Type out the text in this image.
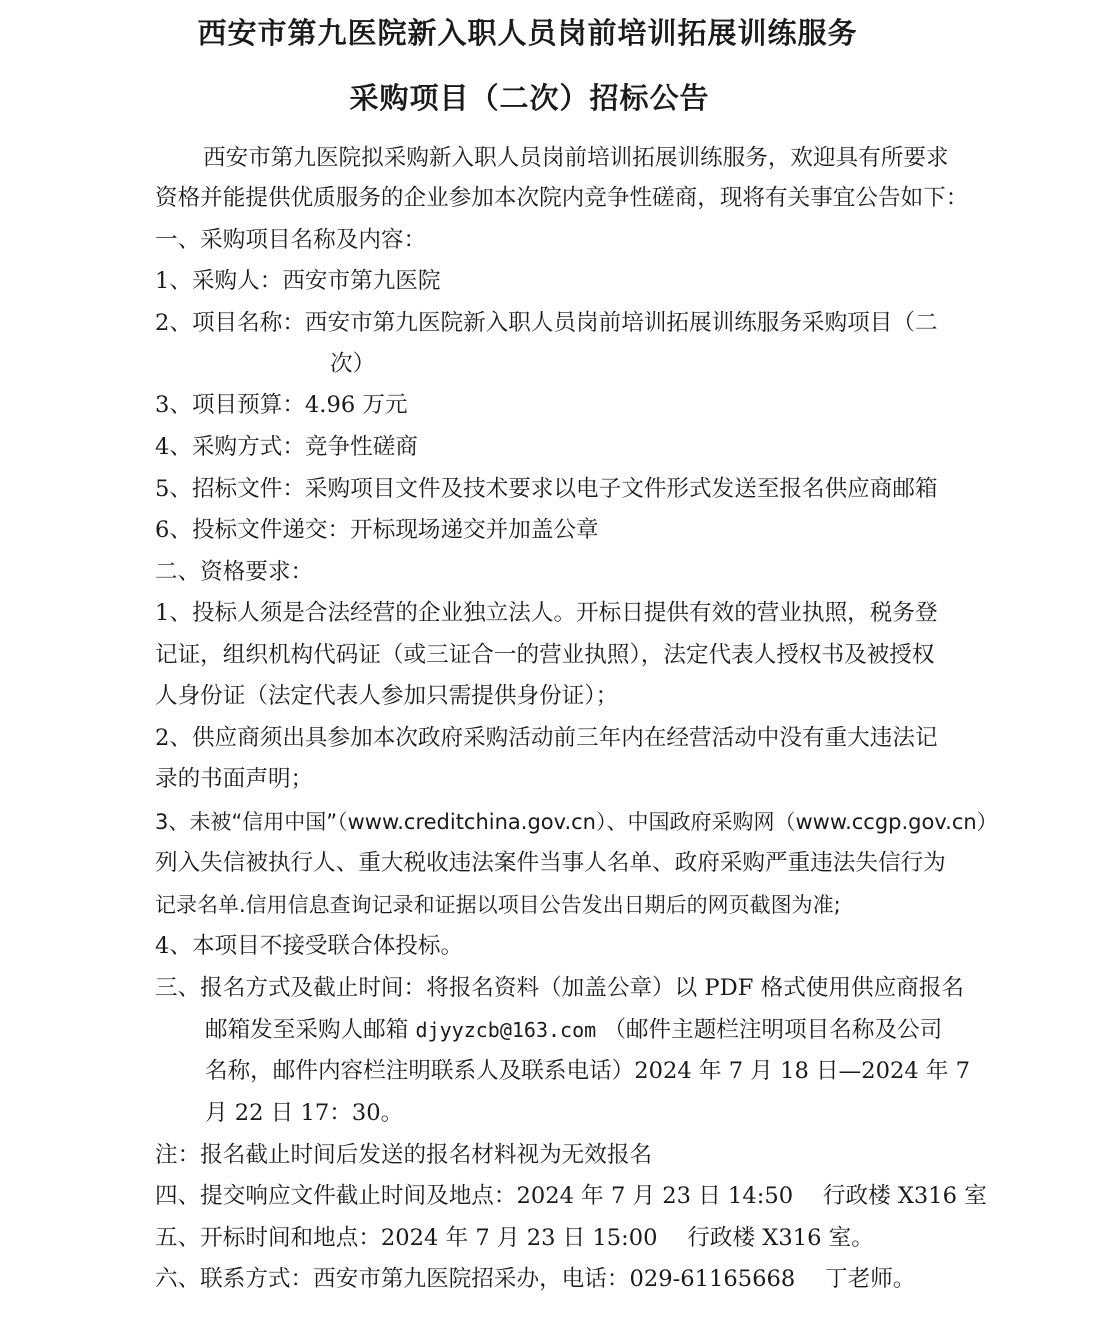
西安市第九医院新入职人员岗前培训拓展训练服务
采购项目（二次）招标公告
西安市第九医院拟采购新入职人员岗前培训拓展训练服务，欢迎具有所要求
资格并能提供优质服务的企业参加本次院内竞争性磋商，现将有关事宜公告如下：
一、采购项目名称及内容：
1、采购人：西安市第九医院
2、项目名称：西安市第九医院新入职人员岗前培训拓展训练服务采购项目（二
次）
3、项目预算：4.96 万元
4、采购方式：竞争性磋商
5、招标文件：采购项目文件及技术要求以电子文件形式发送至报名供应商邮箱
6、投标文件递交：开标现场递交并加盖公章
二、资格要求：
1、投标人须是合法经营的企业独立法人。开标日提供有效的营业执照，税务登
记证，组织机构代码证（或三证合一的营业执照），法定代表人授权书及被授权
人身份证（法定代表人参加只需提供身份证）；
2、供应商须出具参加本次政府采购活动前三年内在经营活动中没有重大违法记
录的书面声明；
3、未被“信用中国”（www.creditchina.gov.cn）、中国政府采购网（www.ccgp.gov.cn）
列入失信被执行人、重大税收违法案件当事人名单、政府采购严重违法失信行为
记录名单.信用信息查询记录和证据以项目公告发出日期后的网页截图为准;
4、本项目不接受联合体投标。
三、报名方式及截止时间：将报名资料（加盖公章）以 PDF 格式使用供应商报名
邮箱发至采购人邮箱 djyyzcb@163.com （邮件主题栏注明项目名称及公司
名称，邮件内容栏注明联系人及联系电话）2024 年 7 月 18 日—2024 年 7
月 22 日 17：30。
注：报名截止时间后发送的报名材料视为无效报名
四、提交响应文件截止时间及地点：2024 年 7 月 23 日 14:50　 行政楼 X316 室
五、开标时间和地点：2024 年 7 月 23 日 15:00　 行政楼 X316 室。
六、联系方式：西安市第九医院招采办，电话：029-61165668　 丁老师。
